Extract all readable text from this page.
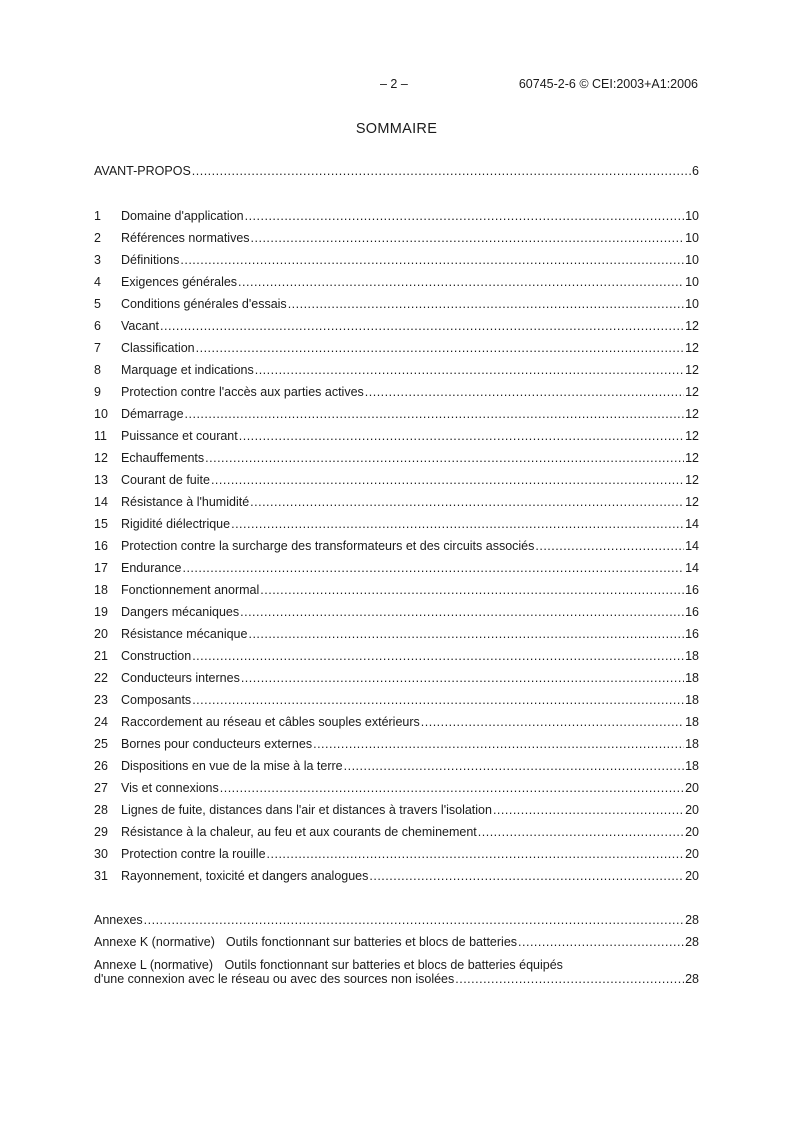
– 2 –	60745-2-6 © CEI:2003+A1:2006
SOMMAIRE
AVANT-PROPOS .....	6
1	Domaine d'application .....	10
2	Références normatives .....	10
3	Définitions .....	10
4	Exigences générales .....	10
5	Conditions générales d'essais .....	10
6	Vacant .....	12
7	Classification .....	12
8	Marquage et indications .....	12
9	Protection contre l'accès aux parties actives .....	12
10	Démarrage .....	12
11	Puissance et courant .....	12
12	Echauffements .....	12
13	Courant de fuite .....	12
14	Résistance à l'humidité .....	12
15	Rigidité diélectrique .....	14
16	Protection contre la surcharge des transformateurs et des circuits associés .....	14
17	Endurance .....	14
18	Fonctionnement anormal .....	16
19	Dangers mécaniques .....	16
20	Résistance mécanique .....	16
21	Construction .....	18
22	Conducteurs internes .....	18
23	Composants .....	18
24	Raccordement au réseau et câbles souples extérieurs .....	18
25	Bornes pour conducteurs externes .....	18
26	Dispositions en vue de la mise à la terre .....	18
27	Vis et connexions .....	20
28	Lignes de fuite, distances dans l'air et distances à travers l'isolation .....	20
29	Résistance à la chaleur, au feu et aux courants de cheminement .....	20
30	Protection contre la rouille .....	20
31	Rayonnement, toxicité et dangers analogues .....	20
Annexes .....	28
Annexe K (normative) Outils fonctionnant sur batteries et blocs de batteries .....	28
Annexe L (normative) Outils fonctionnant sur batteries et blocs de batteries équipés
d'une connexion avec le réseau ou avec des sources non isolées .....	28
